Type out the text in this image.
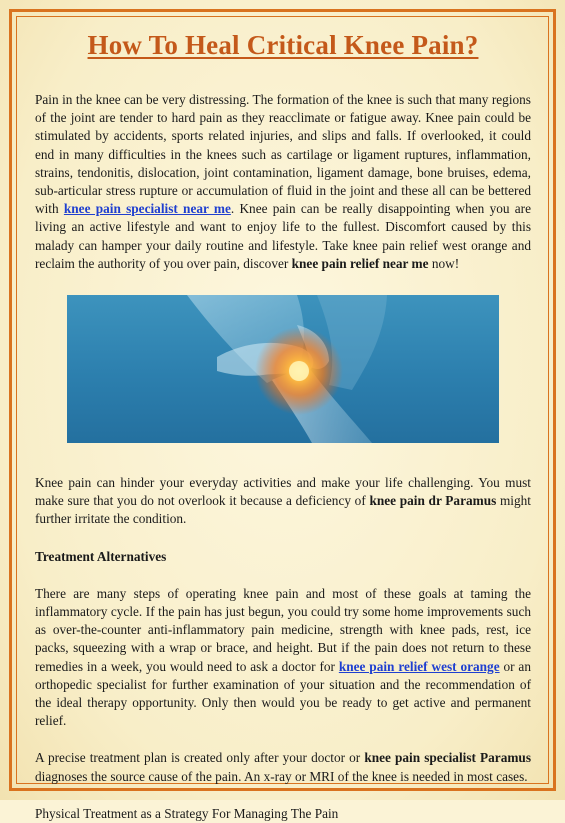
How To Heal Critical Knee Pain?

Pain in the knee can be very distressing. The formation of the knee is such that many regions of the joint are tender to hard pain as they reacclimate or fatigue away. Knee pain could be stimulated by accidents, sports related injuries, and slips and falls. If overlooked, it could end in many difficulties in the knees such as cartilage or ligament ruptures, inflammation, strains, tendonitis, dislocation, joint contamination, ligament damage, bone bruises, edema, sub-articular stress rupture or accumulation of fluid in the joint and these all can be bettered with knee pain specialist near me. Knee pain can be really disappointing when you are living an active lifestyle and want to enjoy life to the fullest. Discomfort caused by this malady can hamper your daily routine and lifestyle. Take knee pain relief west orange and reclaim the authority of you over pain, discover knee pain relief near me now!

Knee pain can hinder your everyday activities and make your life challenging. You must make sure that you do not overlook it because a deficiency of knee pain dr Paramus might further irritate the condition.

Treatment Alternatives

There are many steps of operating knee pain and most of these goals at taming the inflammatory cycle. If the pain has just begun, you could try some home improvements such as over-the-counter anti-inflammatory pain medicine, strength with knee pads, rest, ice packs, squeezing with a wrap or brace, and height. But if the pain does not return to these remedies in a week, you would need to ask a doctor for knee pain relief west orange or an orthopedic specialist for further examination of your situation and the recommendation of the ideal therapy opportunity. Only then would you be ready to get active and permanent relief.

A precise treatment plan is created only after your doctor or knee pain specialist Paramus diagnoses the source cause of the pain. An x-ray or MRI of the knee is needed in most cases.

Physical Treatment as a Strategy For Managing The Pain
